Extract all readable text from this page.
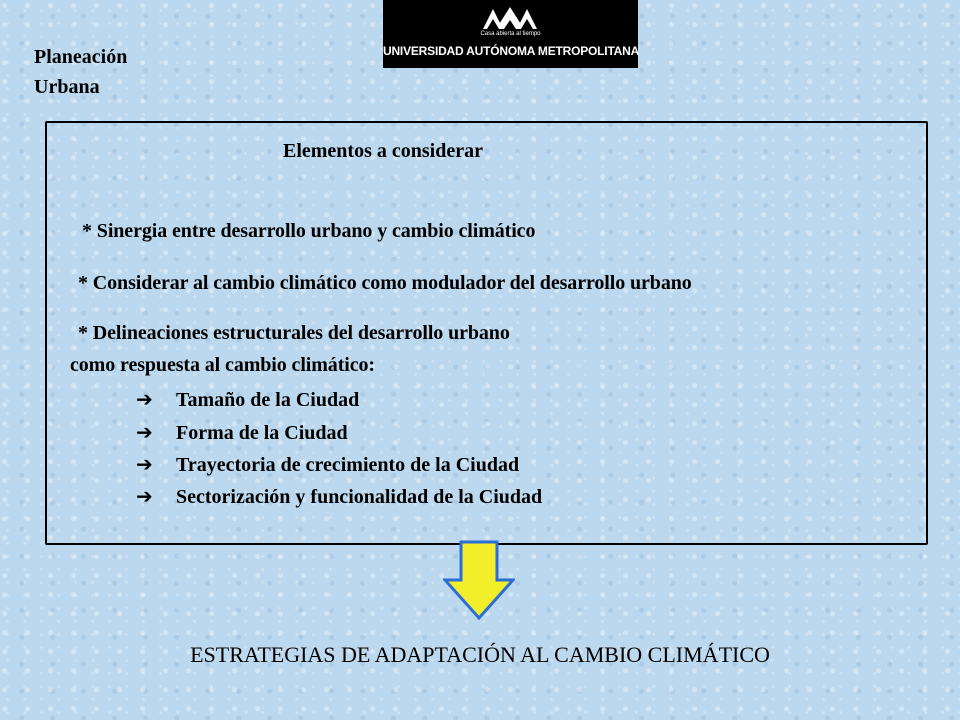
Planeación
Urbana
Casa abierta al tiempo
UNIVERSIDAD AUTÓNOMA METROPOLITANA
Elementos a considerar
* Sinergia entre desarrollo urbano y cambio climático
* Considerar al cambio climático como modulador del desarrollo urbano
* Delineaciones estructurales del desarrollo urbano
como respuesta al cambio climático:
➔ Tamaño de la Ciudad
➔ Forma de la Ciudad
➔ Trayectoria de crecimiento de la Ciudad
➔ Sectorización y funcionalidad de la Ciudad
ESTRATEGIAS DE ADAPTACIÓN AL CAMBIO CLIMÁTICO
